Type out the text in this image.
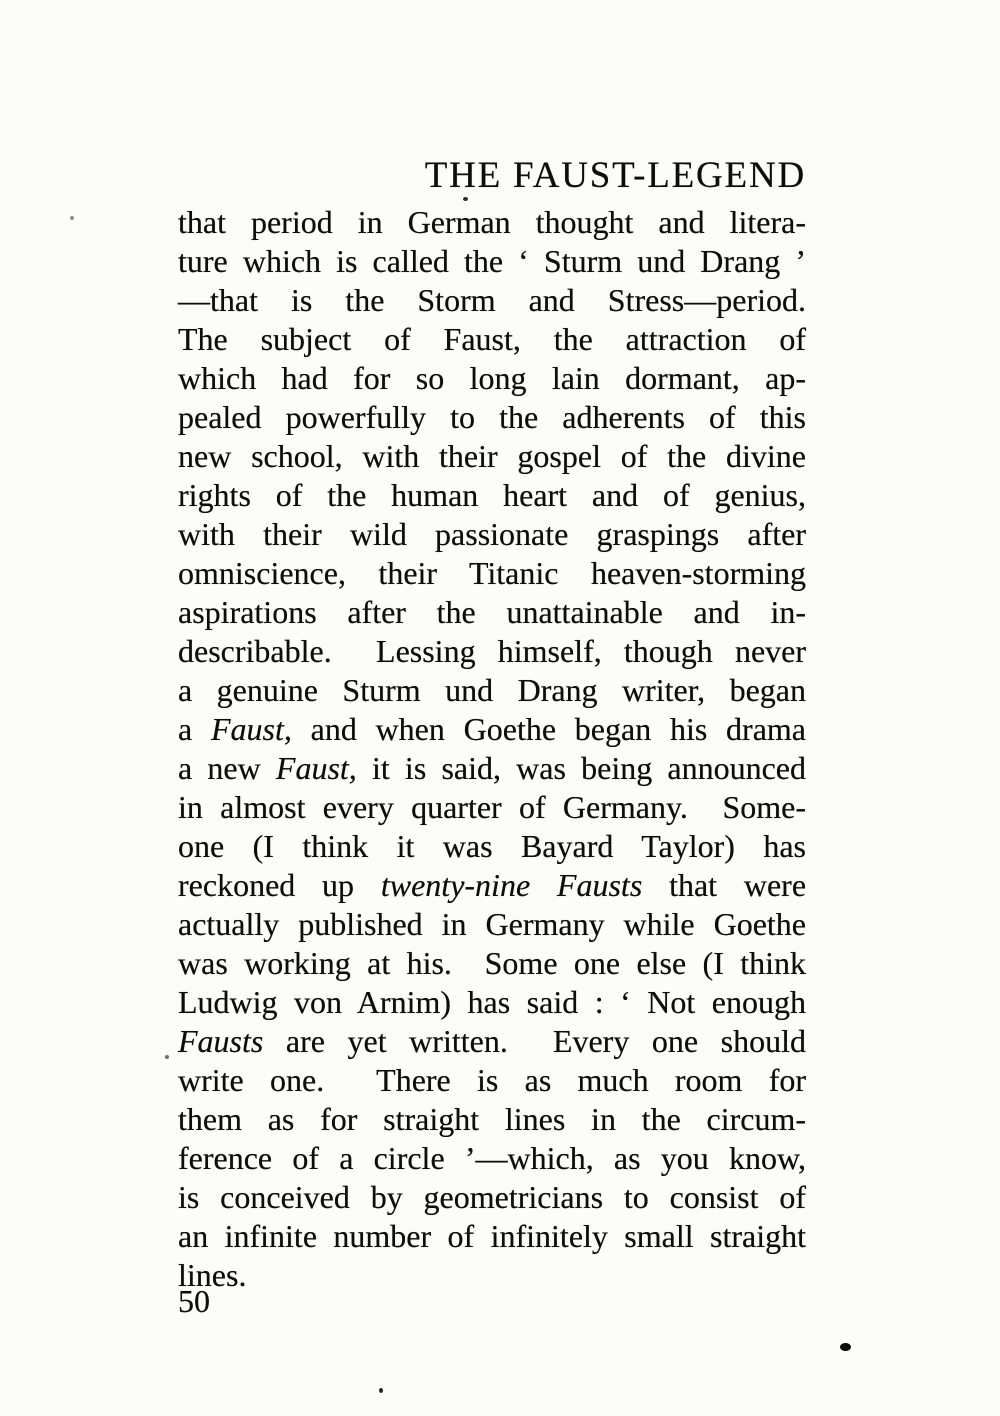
THE FAUST-LEGEND
that period in German thought and litera-
ture which is called the ‘ Sturm und Drang ’
—that is the Storm and Stress—period.
The subject of Faust, the attraction of
which had for so long lain dormant, ap-
pealed powerfully to the adherents of this
new school, with their gospel of the divine
rights of the human heart and of genius,
with their wild passionate graspings after
omniscience, their Titanic heaven-storming
aspirations after the unattainable and in-
describable.  Lessing himself, though never
a genuine Sturm und Drang writer, began
a Faust, and when Goethe began his drama
a new Faust, it is said, was being announced
in almost every quarter of Germany.  Some-
one (I think it was Bayard Taylor) has
reckoned up twenty-nine Fausts that were
actually published in Germany while Goethe
was working at his.  Some one else (I think
Ludwig von Arnim) has said : ‘ Not enough
Fausts are yet written.  Every one should
write one.  There is as much room for
them as for straight lines in the circum-
ference of a circle ’—which, as you know,
is conceived by geometricians to consist of
an infinite number of infinitely small straight
lines.
50
